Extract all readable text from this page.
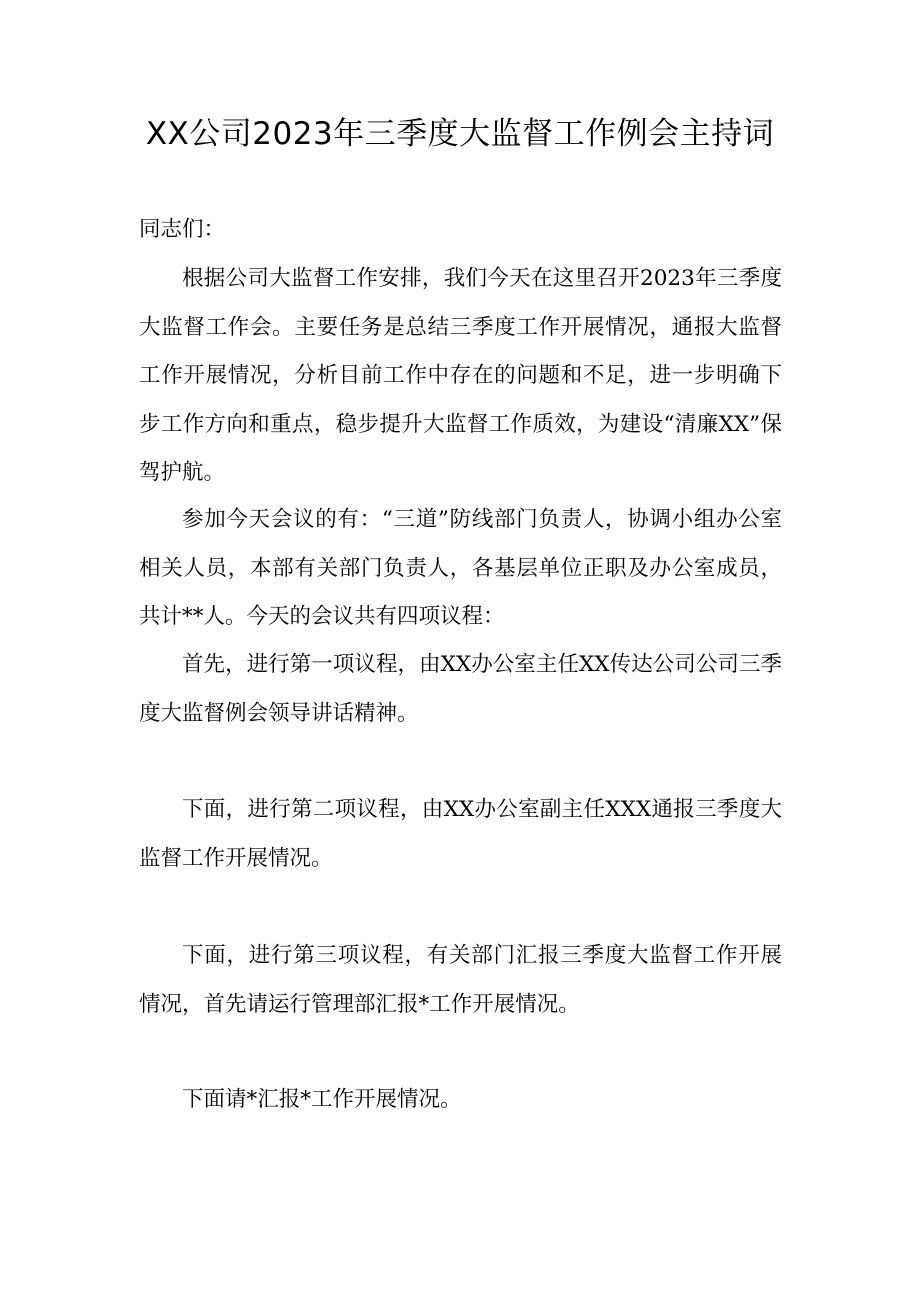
XX公司2023年三季度大监督工作例会主持词

同志们：

根据公司大监督工作安排，我们今天在这里召开2023年三季度大监督工作会。主要任务是总结三季度工作开展情况，通报大监督工作开展情况，分析目前工作中存在的问题和不足，进一步明确下步工作方向和重点，稳步提升大监督工作质效，为建设“清廉XX”保驾护航。

参加今天会议的有：“三道”防线部门负责人，协调小组办公室相关人员，本部有关部门负责人，各基层单位正职及办公室成员，共计**人。今天的会议共有四项议程：

首先，进行第一项议程，由XX办公室主任XX传达公司公司三季度大监督例会领导讲话精神。

下面，进行第二项议程，由XX办公室副主任XXX通报三季度大监督工作开展情况。

下面，进行第三项议程，有关部门汇报三季度大监督工作开展情况，首先请运行管理部汇报*工作开展情况。

下面请*汇报*工作开展情况。
